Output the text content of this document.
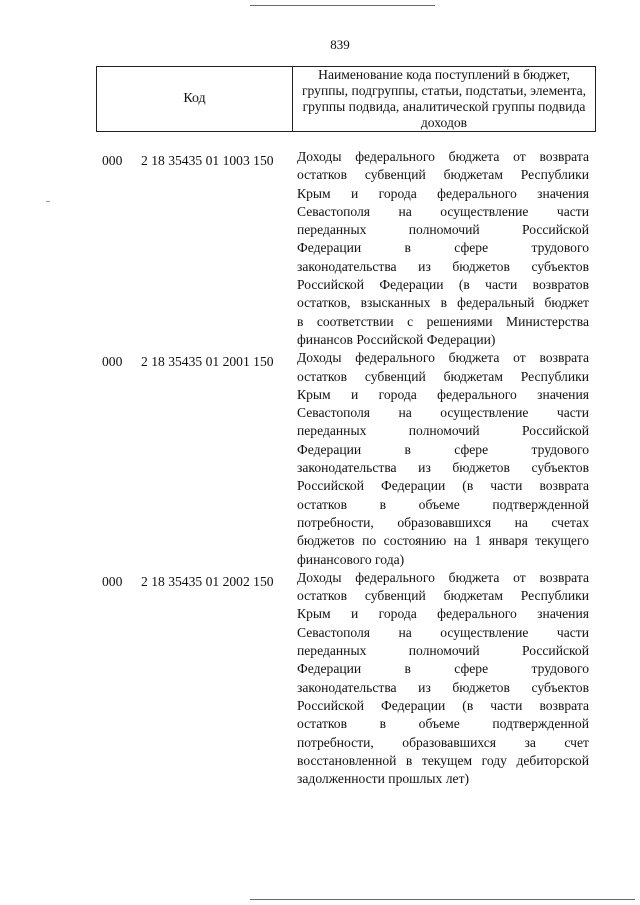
839
Код
Наименование кода поступлений в бюджет, группы, подгруппы, статьи, подстатьи, элемента, группы подвида, аналитической группы подвида доходов
000 2 18 35435 01 1003 150 Доходы федерального бюджета от возврата
остатков субвенций бюджетам Республики
Крым и города федерального значения
Севастополя на осуществление части
переданных полномочий Российской
Федерации в сфере трудового
законодательства из бюджетов субъектов
Российской Федерации (в части возвратов
остатков, взысканных в федеральный бюджет
в соответствии с решениями Министерства
финансов Российской Федерации)
000 2 18 35435 01 2001 150 Доходы федерального бюджета от возврата
остатков субвенций бюджетам Республики
Крым и города федерального значения
Севастополя на осуществление части
переданных полномочий Российской
Федерации в сфере трудового
законодательства из бюджетов субъектов
Российской Федерации (в части возврата
остатков в объеме подтвержденной
потребности, образовавшихся на счетах
бюджетов по состоянию на 1 января текущего
финансового года)
000 2 18 35435 01 2002 150 Доходы федерального бюджета от возврата
остатков субвенций бюджетам Республики
Крым и города федерального значения
Севастополя на осуществление части
переданных полномочий Российской
Федерации в сфере трудового
законодательства из бюджетов субъектов
Российской Федерации (в части возврата
остатков в объеме подтвержденной
потребности, образовавшихся за счет
восстановленной в текущем году дебиторской
задолженности прошлых лет)
